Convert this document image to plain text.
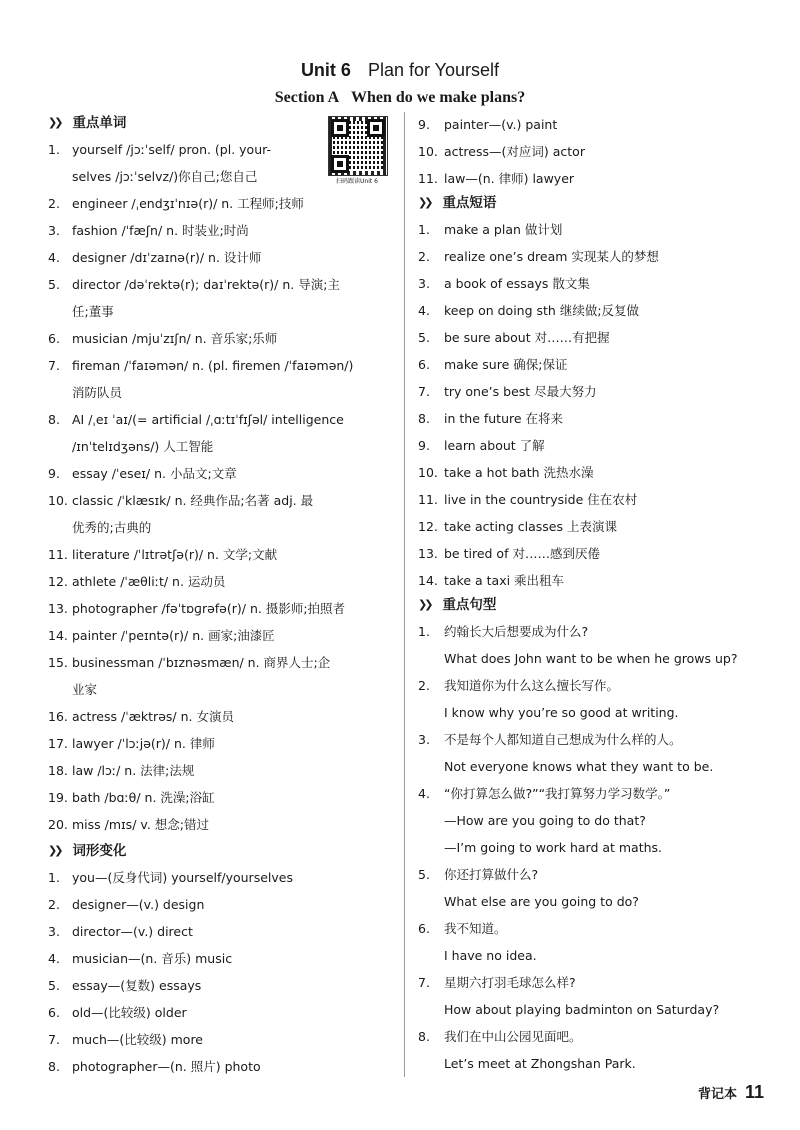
Unit 6 Plan for Yourself
Section A When do we make plans?
❯❯ 重点单词
扫码跟读Unit 6
1. yourself /jɔːˈself/ pron. (pl. your-
selves /jɔːˈselvz/)你自己;您自己
2. engineer /ˌendʒɪˈnɪə(r)/ n. 工程师;技师
3. fashion /ˈfæʃn/ n. 时装业;时尚
4. designer /dɪˈzaɪnə(r)/ n. 设计师
5. director /dəˈrektə(r); daɪˈrektə(r)/ n. 导演;主
任;董事
6. musician /mjuˈzɪʃn/ n. 音乐家;乐师
7. fireman /ˈfaɪəmən/ n. (pl. firemen /ˈfaɪəmən/)
消防队员
8. AI /ˌeɪ ˈaɪ/(= artificial /ˌɑːtɪˈfɪʃəl/ intelligence
/ɪnˈtelɪdʒəns/) 人工智能
9. essay /ˈeseɪ/ n. 小品文;文章
10. classic /ˈklæsɪk/ n. 经典作品;名著 adj. 最
优秀的;古典的
11. literature /ˈlɪtrətʃə(r)/ n. 文学;文献
12. athlete /ˈæθliːt/ n. 运动员
13. photographer /fəˈtɒɡrəfə(r)/ n. 摄影师;拍照者
14. painter /ˈpeɪntə(r)/ n. 画家;油漆匠
15. businessman /ˈbɪznəsmæn/ n. 商界人士;企
业家
16. actress /ˈæktrəs/ n. 女演员
17. lawyer /ˈlɔːjə(r)/ n. 律师
18. law /lɔː/ n. 法律;法规
19. bath /bɑːθ/ n. 洗澡;浴缸
20. miss /mɪs/ v. 想念;错过
❯❯ 词形变化
1. you—(反身代词) yourself/yourselves
2. designer—(v.) design
3. director—(v.) direct
4. musician—(n. 音乐) music
5. essay—(复数) essays
6. old—(比较级) older
7. much—(比较级) more
8. photographer—(n. 照片) photo
9. painter—(v.) paint
10. actress—(对应词) actor
11. law—(n. 律师) lawyer
❯❯ 重点短语
1. make a plan 做计划
2. realize one’s dream 实现某人的梦想
3. a book of essays 散文集
4. keep on doing sth 继续做;反复做
5. be sure about 对……有把握
6. make sure 确保;保证
7. try one’s best 尽最大努力
8. in the future 在将来
9. learn about 了解
10. take a hot bath 洗热水澡
11. live in the countryside 住在农村
12. take acting classes 上表演课
13. be tired of 对……感到厌倦
14. take a taxi 乘出租车
❯❯ 重点句型
1. 约翰长大后想要成为什么?
What does John want to be when he grows up?
2. 我知道你为什么这么擅长写作。
I know why you’re so good at writing.
3. 不是每个人都知道自己想成为什么样的人。
Not everyone knows what they want to be.
4. “你打算怎么做?”“我打算努力学习数学。”
—How are you going to do that?
—I’m going to work hard at maths.
5. 你还打算做什么?
What else are you going to do?
6. 我不知道。
I have no idea.
7. 星期六打羽毛球怎么样?
How about playing badminton on Saturday?
8. 我们在中山公园见面吧。
Let’s meet at Zhongshan Park.
背记本 11
